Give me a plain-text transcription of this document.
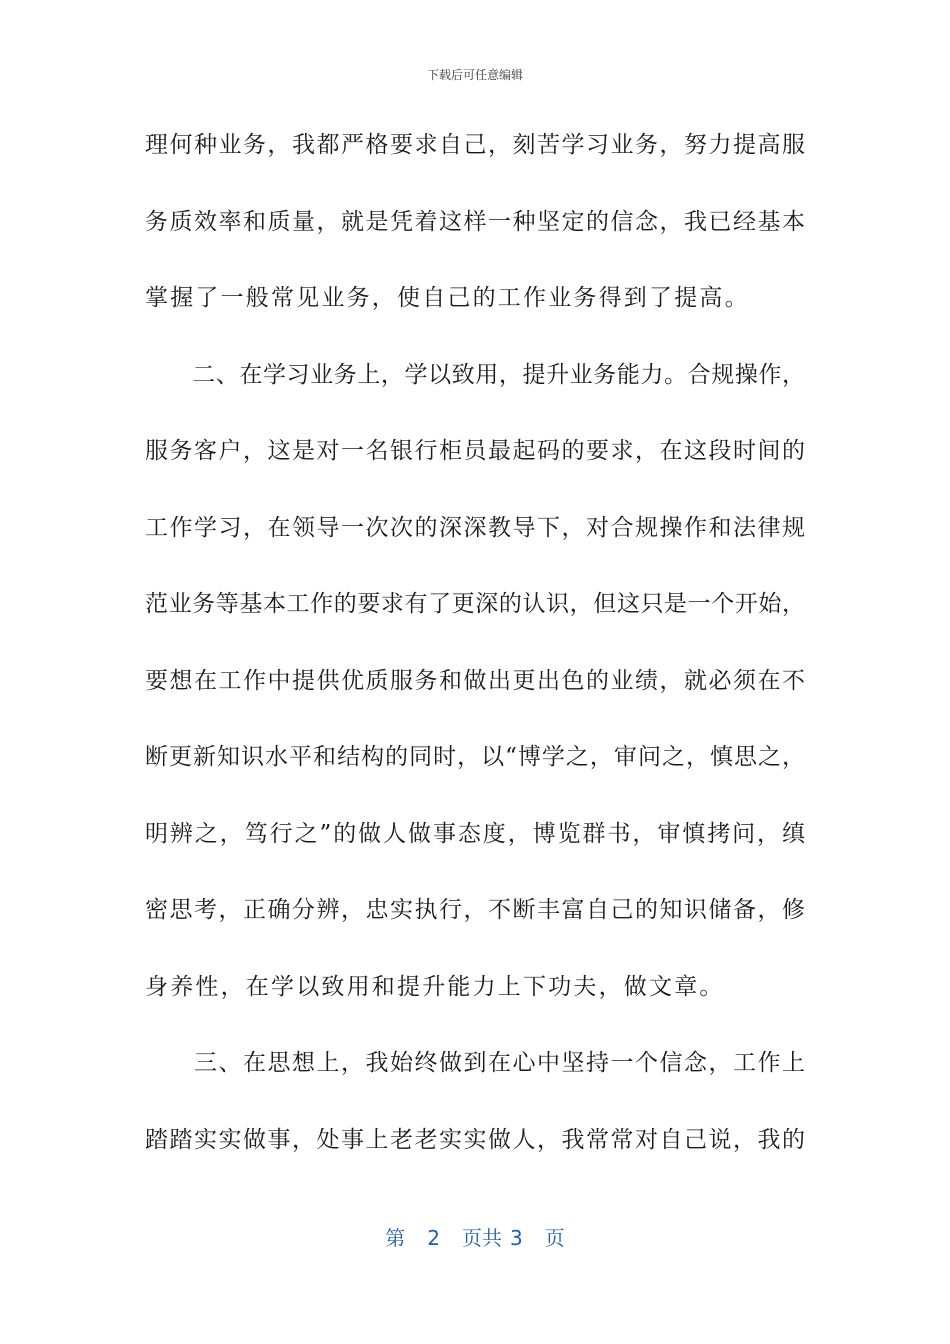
下载后可任意编辑
理何种业务，我都严格要求自己，刻苦学习业务，努力提高服
务质效率和质量，就是凭着这样一种坚定的信念，我已经基本
掌握了一般常见业务，使自己的工作业务得到了提高。
　　二、在学习业务上，学以致用，提升业务能力。合规操作，
服务客户，这是对一名银行柜员最起码的要求，在这段时间的
工作学习，在领导一次次的深深教导下，对合规操作和法律规
范业务等基本工作的要求有了更深的认识，但这只是一个开始，
要想在工作中提供优质服务和做出更出色的业绩，就必须在不
断更新知识水平和结构的同时，以“博学之，审问之，慎思之，
明辨之，笃行之”的做人做事态度，博览群书，审慎拷问，缜
密思考，正确分辨，忠实执行，不断丰富自己的知识储备，修
身养性，在学以致用和提升能力上下功夫，做文章。
　　三、在思想上，我始终做到在心中坚持一个信念，工作上
踏踏实实做事，处事上老老实实做人，我常常对自己说，我的
第 2 页共 3 页
